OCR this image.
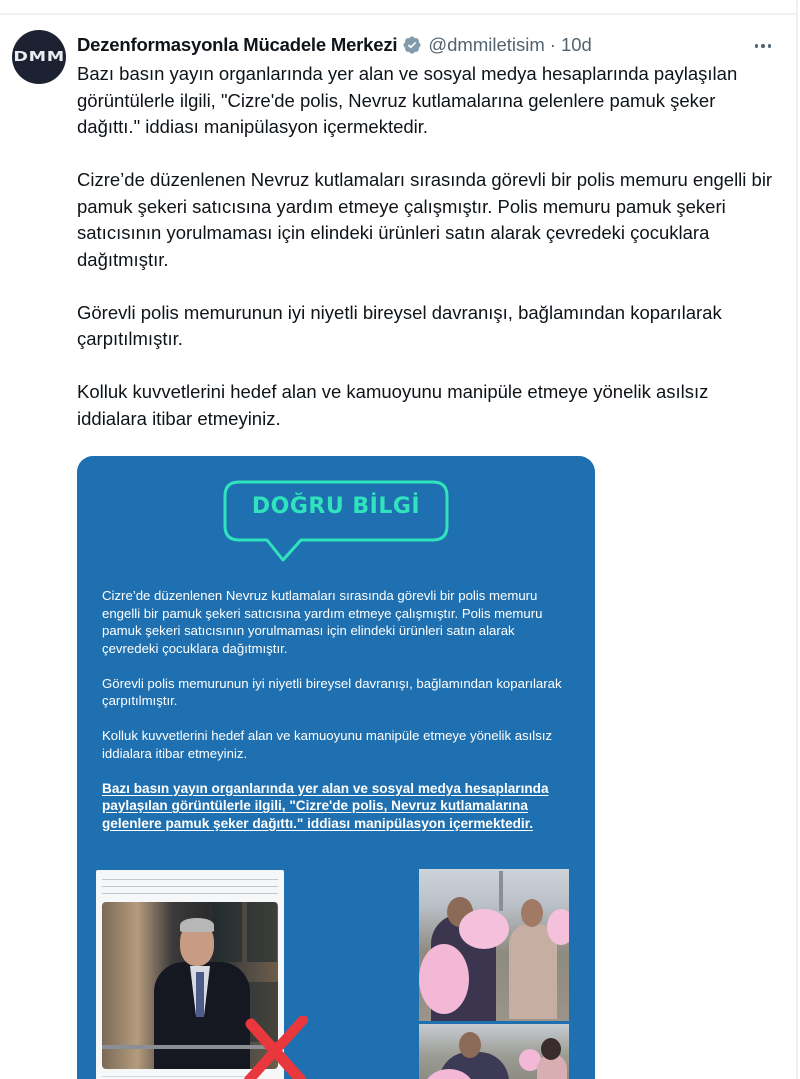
DMM
Dezenformasyonla Mücadele Merkezi @dmmiletisim · 10d

Bazı basın yayın organlarında yer alan ve sosyal medya hesaplarında paylaşılan görüntülerle ilgili, "Cizre'de polis, Nevruz kutlamalarına gelenlere pamuk şeker dağıttı." iddiası manipülasyon içermektedir.

Cizre’de düzenlenen Nevruz kutlamaları sırasında görevli bir polis memuru engelli bir pamuk şekeri satıcısına yardım etmeye çalışmıştır. Polis memuru pamuk şekeri satıcısının yorulmaması için elindeki ürünleri satın alarak çevredeki çocuklara dağıtmıştır.

Görevli polis memurunun iyi niyetli bireysel davranışı, bağlamından koparılarak çarpıtılmıştır.

Kolluk kuvvetlerini hedef alan ve kamuoyunu manipüle etmeye yönelik asılsız iddialara itibar etmeyiniz.

DOĞRU BİLGİ

Cizre’de düzenlenen Nevruz kutlamaları sırasında görevli bir polis memuru engelli bir pamuk şekeri satıcısına yardım etmeye çalışmıştır. Polis memuru pamuk şekeri satıcısının yorulmaması için elindeki ürünleri satın alarak çevredeki çocuklara dağıtmıştır.

Görevli polis memurunun iyi niyetli bireysel davranışı, bağlamından koparılarak çarpıtılmıştır.

Kolluk kuvvetlerini hedef alan ve kamuoyunu manipüle etmeye yönelik asılsız iddialara itibar etmeyiniz.

Bazı basın yayın organlarında yer alan ve sosyal medya hesaplarında paylaşılan görüntülerle ilgili, "Cizre'de polis, Nevruz kutlamalarına gelenlere pamuk şeker dağıttı." iddiası manipülasyon içermektedir.
